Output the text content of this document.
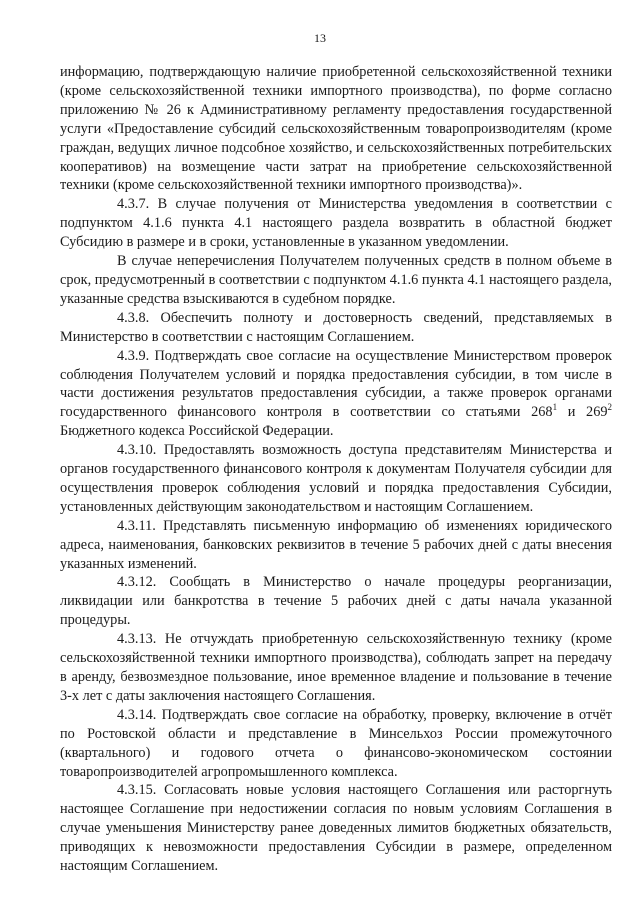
13

информацию, подтверждающую наличие приобретенной сельскохозяйственной техники (кроме сельскохозяйственной техники импортного производства), по форме согласно приложению № 26 к Административному регламенту предоставления государственной услуги «Предоставление субсидий сельскохозяйственным товаропроизводителям (кроме граждан, ведущих личное подсобное хозяйство, и сельскохозяйственных потребительских кооперативов) на возмещение части затрат на приобретение сельскохозяйственной техники (кроме сельскохозяйственной техники импортного производства)».

4.3.7. В случае получения от Министерства уведомления в соответствии с подпунктом 4.1.6 пункта 4.1 настоящего раздела возвратить в областной бюджет Субсидию в размере и в сроки, установленные в указанном уведомлении.

В случае неперечисления Получателем полученных средств в полном объеме в срок, предусмотренный в соответствии с подпунктом 4.1.6 пункта 4.1 настоящего раздела, указанные средства взыскиваются в судебном порядке.

4.3.8. Обеспечить полноту и достоверность сведений, представляемых в Министерство в соответствии с настоящим Соглашением.

4.3.9. Подтверждать свое согласие на осуществление Министерством проверок соблюдения Получателем условий и порядка предоставления субсидии, в том числе в части достижения результатов предоставления субсидии, а также проверок органами государственного финансового контроля в соответствии со статьями $268^1$ и $269^2$ Бюджетного кодекса Российской Федерации.

4.3.10. Предоставлять возможность доступа представителям Министерства и органов государственного финансового контроля к документам Получателя субсидии для осуществления проверок соблюдения условий и порядка предоставления Субсидии, установленных действующим законодательством и настоящим Соглашением.

4.3.11. Представлять письменную информацию об изменениях юридического адреса, наименования, банковских реквизитов в течение 5 рабочих дней с даты внесения указанных изменений.

4.3.12. Сообщать в Министерство о начале процедуры реорганизации, ликвидации или банкротства в течение 5 рабочих дней с даты начала указанной процедуры.

4.3.13. Не отчуждать приобретенную сельскохозяйственную технику (кроме сельскохозяйственной техники импортного производства), соблюдать запрет на передачу в аренду, безвозмездное пользование, иное временное владение и пользование в течение 3-х лет с даты заключения настоящего Соглашения.

4.3.14. Подтверждать свое согласие на обработку, проверку, включение в отчёт по Ростовской области и представление в Минсельхоз России промежуточного (квартального) и годового отчета о финансово-экономическом состоянии товаропроизводителей агропромышленного комплекса.

4.3.15. Согласовать новые условия настоящего Соглашения или расторгнуть настоящее Соглашение при недостижении согласия по новым условиям Соглашения в случае уменьшения Министерству ранее доведенных лимитов бюджетных обязательств, приводящих к невозможности предоставления Субсидии в размере, определенном настоящим Соглашением.
